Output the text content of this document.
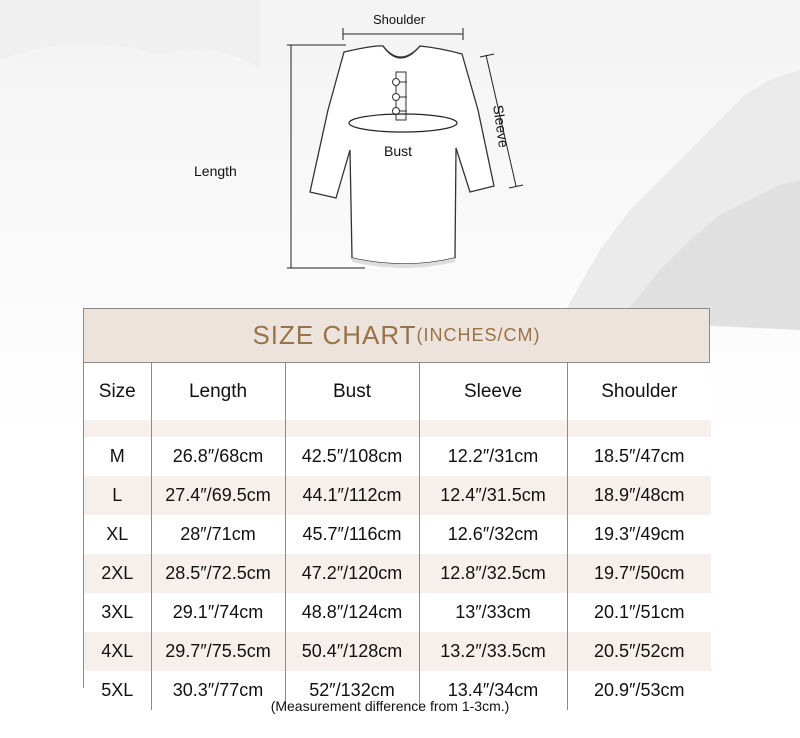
Shoulder
Length
Bust
Sleeve
SIZE CHART (INCHES/CM)
Size	Length	Bust	Sleeve	Shoulder

M	26.8″/68cm	42.5″/108cm	12.2″/31cm	18.5″/47cm
L	27.4″/69.5cm	44.1″/112cm	12.4″/31.5cm	18.9″/48cm
XL	28″/71cm	45.7″/116cm	12.6″/32cm	19.3″/49cm
2XL	28.5″/72.5cm	47.2″/120cm	12.8″/32.5cm	19.7″/50cm
3XL	29.1″/74cm	48.8″/124cm	13″/33cm	20.1″/51cm
4XL	29.7″/75.5cm	50.4″/128cm	13.2″/33.5cm	20.5″/52cm
5XL	30.3″/77cm	52″/132cm	13.4″/34cm	20.9″/53cm
(Measurement difference from 1-3cm.)
